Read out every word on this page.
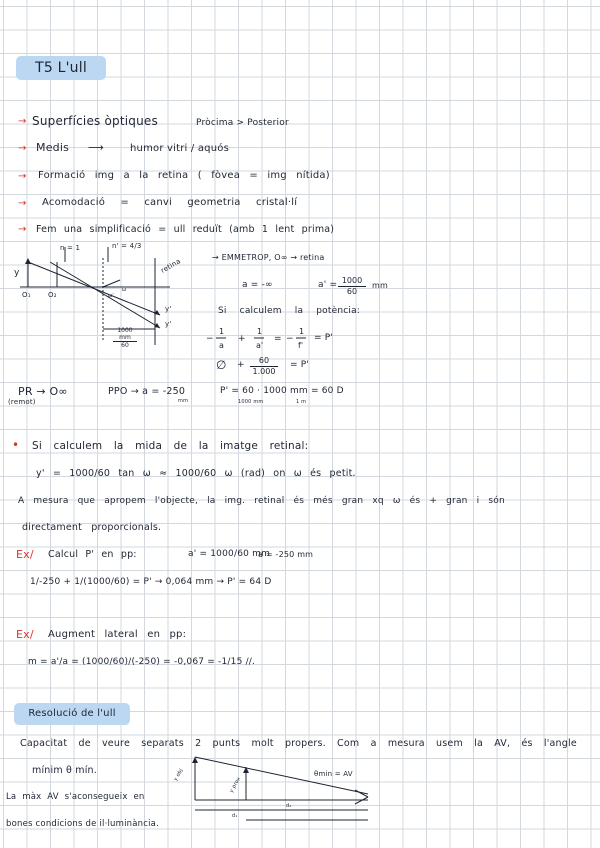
T5 L'ull
→ Superfícies òptiques	Pròcima > Posterior
→ Medis ⟶	humor vitri / aquós
→ Formació img a la retina ( fòvea = img nítida)
→ Acomodació = canvi geometria cristal·lí
→ Fem una simplificació = ull reduït (amb 1 lent prima)
n = 1	n' = 4/3
retina
y
O₁ O₂
ω
ω'
y'
y'
$\frac{1000 mm}{60}$
→ EMMETROP, O∞ → retina
a = -∞	$a' = \frac{1000}{60}$ mm
Si calculem la potència:
−
1
a
+
1
a'
= −
1
f'
= P'
∅ + $\frac{60}{1.000} = P'$
PR → O∞
(remot)
PPO → a = -250
mm
P' = 60 · 1000 mm = 60 D
1000 mm	1 m
• Si calculem la mida de la imatge retinal:
y' = 1000/60 tan ω ≈ 1000/60 ω (rad) on ω és petit.
A mesura que apropem l'objecte, la img. retinal és més gran xq ω és + gran i són
directament proporcionals.
Ex/ Calcul P' en pp:	a' = 1000/60 mm
a = -250 mm
1/-250 + 1/(1000/60) = P' → 0,064 mm → P' = 64 D
Ex/ Augment lateral en pp:
m = a'/a = (1000/60)/(-250) = -0,067 = -1/15 //.
Resolució de l'ull
Capacitat de veure separats 2 punts molt propers. Com a mesura usem la AV, és l'angle
mínim θ mín.
La màx AV s'aconsegueix en
bones condicions de il·luminància.
θmin = AV
y obj
y prox
d₂
d₁
